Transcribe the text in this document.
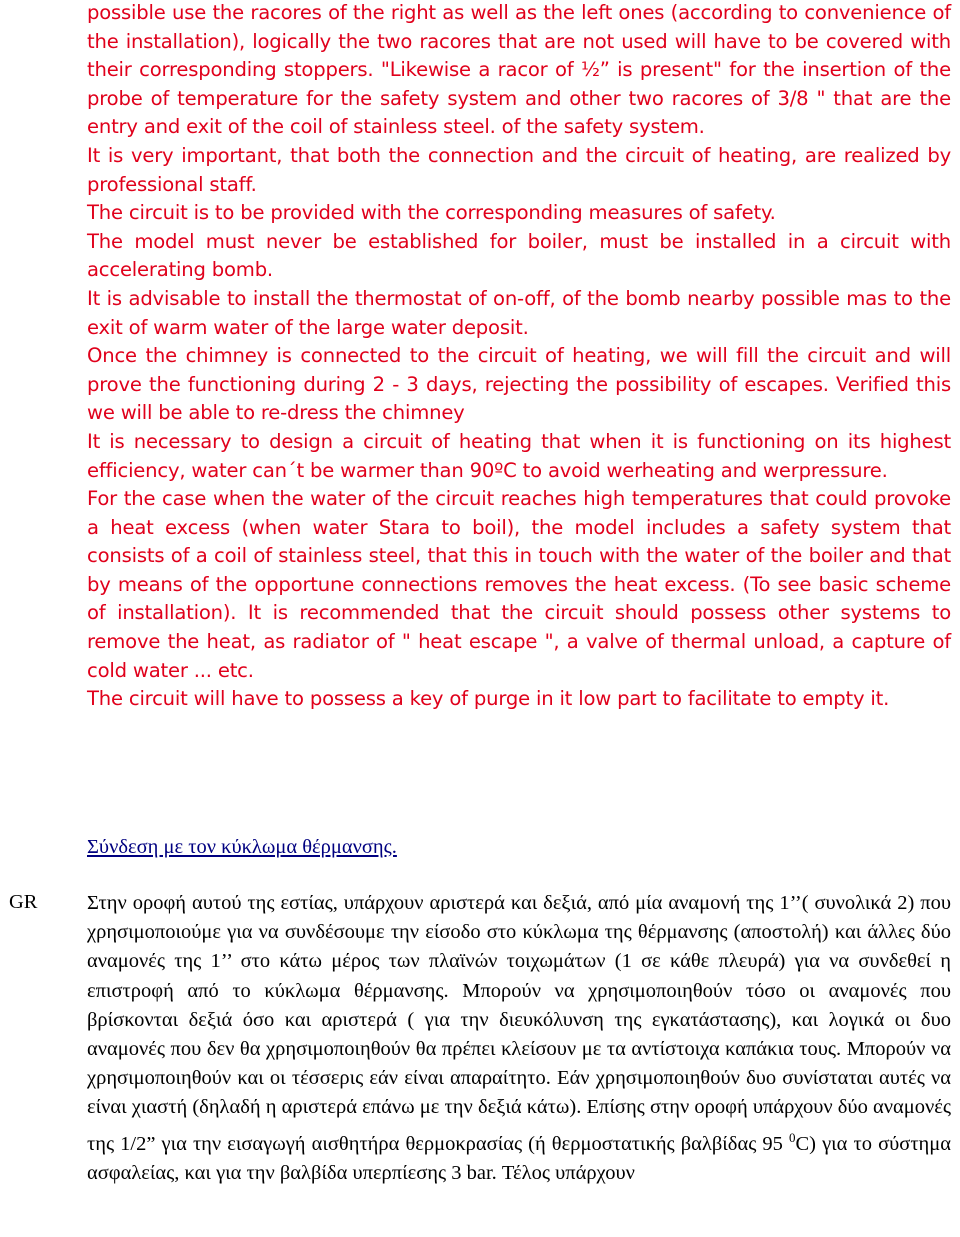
possible use the racores of the right as well as the left ones (according to convenience of the installation), logically the two racores that are not used will have to be covered with their corresponding stoppers. "Likewise a racor of ½” is present" for the insertion of the probe of temperature for the safety system and other two racores of 3/8 " that are the entry and exit of the coil of stainless steel. of the safety system.

It is very important, that both the connection and the circuit of heating, are realized by professional staff.

The circuit is to be provided with the corresponding measures of safety.

The model must never be established for boiler, must be installed in a circuit with accelerating bomb.

It is advisable to install the thermostat of on-off, of the bomb nearby possible mas to the exit of warm water of the large water deposit.

Once the chimney is connected to the circuit of heating, we will fill the circuit and will prove the functioning during 2 - 3 days, rejecting the possibility of escapes. Verified this we will be able to re-dress the chimney

It is necessary to design a circuit of heating that when it is functioning on its highest efficiency, water can´t be warmer than 90ºC to avoid werheating and werpressure.

For the case when the water of the circuit reaches high temperatures that could provoke a heat excess (when water Stara to boil), the model includes a safety system that consists of a coil of stainless steel, that this in touch with the water of the boiler and that by means of the opportune connections removes the heat excess. (To see basic scheme of installation). It is recommended that the circuit should possess other systems to remove the heat, as radiator of " heat escape ", a valve of thermal unload, a capture of cold water ... etc.

The circuit will have to possess a key of purge in it low part to facilitate to empty it.

Σύνδεση με τον κύκλωμα θέρμανσης.
GR Στην οροφή αυτού της εστίας, υπάρχουν αριστερά και δεξιά, από μία αναμονή της 1’’( συνολικά 2) που χρησιμοποιούμε για να συνδέσουμε την είσοδο στο κύκλωμα της θέρμανσης (αποστολή) και άλλες δύο αναμονές της 1’’ στο κάτω μέρος των πλαϊνών τοιχωμάτων (1 σε κάθε πλευρά) για να συνδεθεί η επιστροφή από το κύκλωμα θέρμανσης. Μπορούν να χρησιμοποιηθούν τόσο οι αναμονές που βρίσκονται δεξιά όσο και αριστερά ( για την διευκόλυνση της εγκατάστασης), και λογικά οι δυο αναμονές που δεν θα χρησιμοποιηθούν θα πρέπει κλείσουν με τα αντίστοιχα καπάκια τους. Μπορούν να χρησιμοποιηθούν και οι τέσσερις εάν είναι απαραίτητο. Εάν χρησιμοποιηθούν δυο συνίσταται αυτές να είναι χιαστή (δηλαδή η αριστερά επάνω με την δεξιά κάτω). Επίσης στην οροφή υπάρχουν δύο αναμονές της 1/2” για την εισαγωγή αισθητήρα θερμοκρασίας (ή θερμοστατικής βαλβίδας 95 $^0$C) για το σύστημα ασφαλείας, και για την βαλβίδα υπερπίεσης 3 bar. Τέλος υπάρχουν
